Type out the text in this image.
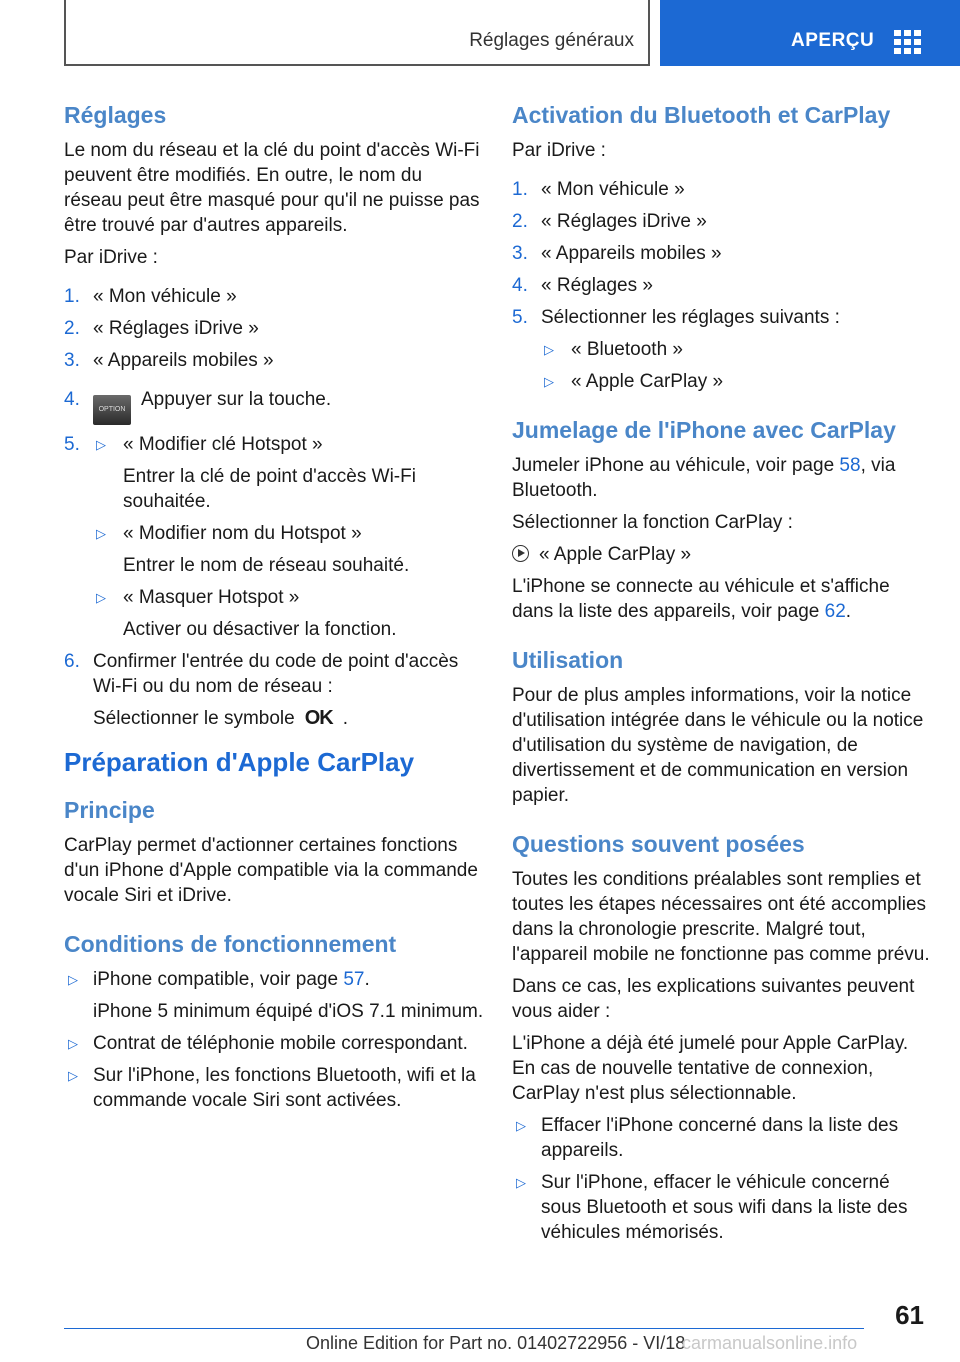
Réglages généraux	APERÇU
Réglages

Le nom du réseau et la clé du point d'accès Wi-Fi peuvent être modifiés. En outre, le nom du réseau peut être masqué pour qu'il ne puisse pas être trouvé par d'autres appareils.

Par iDrive :

1. « Mon véhicule »
2. « Réglages iDrive »
3. « Appareils mobiles »
4.	OPTION Appuyer sur la touche.
5. ▷ « Modifier clé Hotspot »
Entrer la clé de point d'accès Wi-Fi souhaitée.
▷ « Modifier nom du Hotspot »
Entrer le nom de réseau souhaité.
▷ « Masquer Hotspot »
Activer ou désactiver la fonction.
6. Confirmer l'entrée du code de point d'accès Wi-Fi ou du nom de réseau :
Sélectionner le symbole OK .
Préparation d'Apple CarPlay
Principe

CarPlay permet d'actionner certaines fonctions d'un iPhone d'Apple compatible via la commande vocale Siri et iDrive.

Conditions de fonctionnement
▷ iPhone compatible, voir page 57.
iPhone 5 minimum équipé d'iOS 7.1 minimum.
▷ Contrat de téléphonie mobile correspondant.
▷ Sur l'iPhone, les fonctions Bluetooth, wifi et la commande vocale Siri sont activées.
Activation du Bluetooth et CarPlay

Par iDrive :

1. « Mon véhicule »
2. « Réglages iDrive »
3. « Appareils mobiles »
4. « Réglages »
5. Sélectionner les réglages suivants :
▷ « Bluetooth »
▷ « Apple CarPlay »
Jumelage de l'iPhone avec CarPlay

Jumeler iPhone au véhicule, voir page 58, via Bluetooth.

Sélectionner la fonction CarPlay :

« Apple CarPlay »

L'iPhone se connecte au véhicule et s'affiche dans la liste des appareils, voir page 62.

Utilisation

Pour de plus amples informations, voir la notice d'utilisation intégrée dans le véhicule ou la notice d'utilisation du système de navigation, de divertissement et de communication en version papier.

Questions souvent posées

Toutes les conditions préalables sont remplies et toutes les étapes nécessaires ont été accomplies dans la chronologie prescrite. Malgré tout, l'appareil mobile ne fonctionne pas comme prévu.

Dans ce cas, les explications suivantes peuvent vous aider :

L'iPhone a déjà été jumelé pour Apple CarPlay. En cas de nouvelle tentative de connexion, CarPlay n'est plus sélectionnable.

▷ Effacer l'iPhone concerné dans la liste des appareils.
▷ Sur l'iPhone, effacer le véhicule concerné sous Bluetooth et sous wifi dans la liste des véhicules mémorisés.
61
Online Edition for Part no. 01402722956 - VI/18
carmanualsonline.info
